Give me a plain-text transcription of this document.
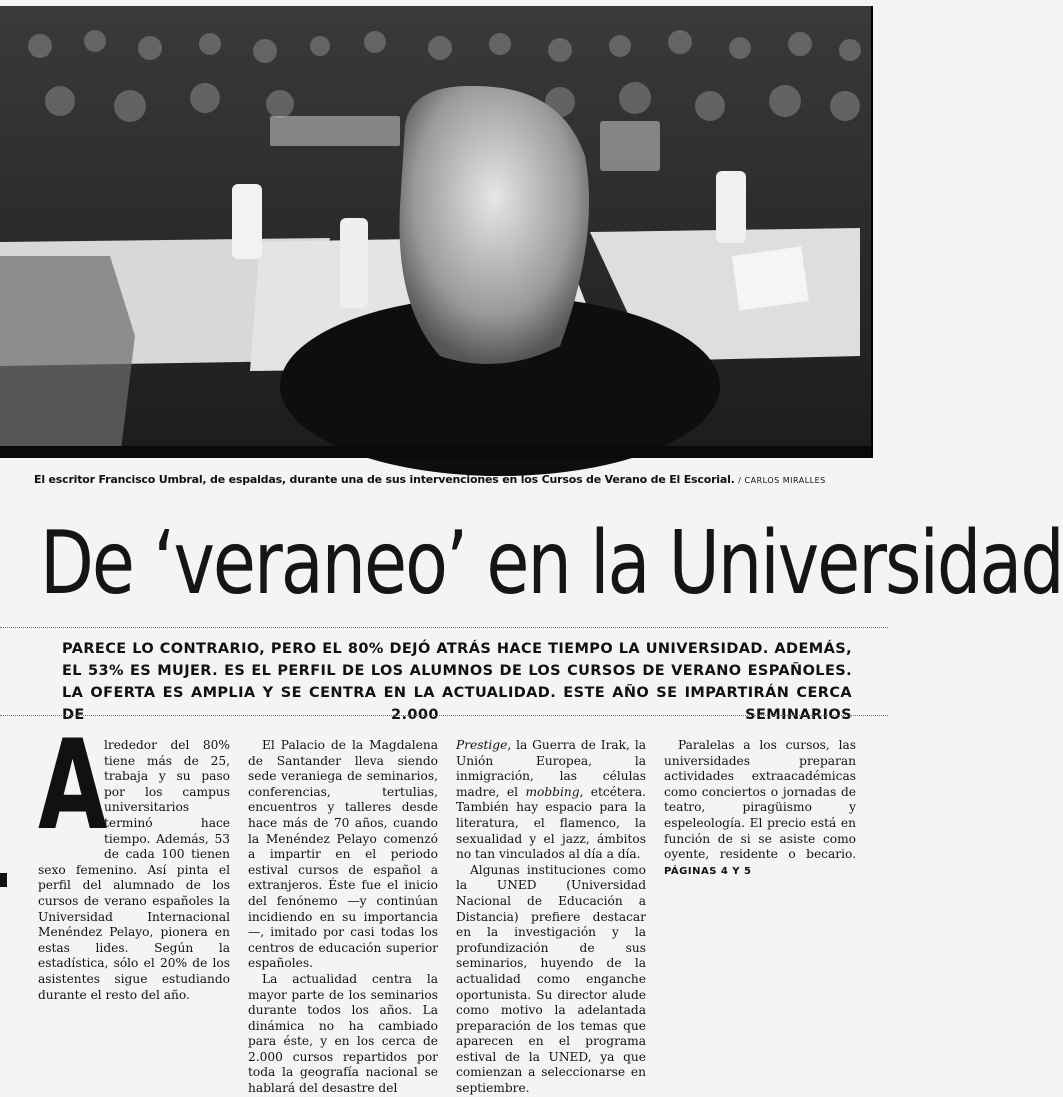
El escritor Francisco Umbral, de espaldas, durante una de sus intervenciones en los Cursos de Verano de El Escorial. / CARLOS MIRALLES
De ‘veraneo’ en la Universidad
PARECE LO CONTRARIO, PERO EL 80% DEJÓ ATRÁS HACE TIEMPO LA UNIVERSIDAD. ADEMÁS, EL 53% ES MUJER. ES EL PERFIL DE LOS ALUMNOS DE LOS CURSOS DE VERANO ESPAÑOLES. LA OFERTA ES AMPLIA Y SE CENTRA EN LA ACTUALIDAD. ESTE AÑO SE IMPARTIRÁN CERCA DE 2.000 SEMINARIOS
A

lrededor del 80% tiene más de 25, trabaja y su paso por los campus universitarios terminó hace tiempo. Además, 53 de cada 100 tienen sexo femenino. Así pinta el perfil del alumnado de los cursos de verano españoles la Universidad Internacional Menéndez Pelayo, pionera en estas lides. Según la estadística, sólo el 20% de los asistentes sigue estudiando durante el resto del año.

El Palacio de la Magdalena de Santander lleva siendo sede veraniega de seminarios, conferencias, tertulias, encuentros y talleres desde hace más de 70 años, cuando la Menéndez Pelayo comenzó a impartir en el periodo estival cursos de español a extranjeros. Éste fue el inicio del fenónemo —y continúan incidiendo en su importancia—, imitado por casi todas los centros de educación superior españoles.

La actualidad centra la mayor parte de los seminarios durante todos los años. La dinámica no ha cambiado para éste, y en los cerca de 2.000 cursos repartidos por toda la geografía nacional se hablará del desastre del

Prestige, la Guerra de Irak, la Unión Europea, la inmigración, las células madre, el mobbing, etcétera. También hay espacio para la literatura, el flamenco, la sexualidad y el jazz, ámbitos no tan vinculados al día a día.

Algunas instituciones como la UNED (Universidad Nacional de Educación a Distancia) prefiere destacar en la investigación y la profundización de sus seminarios, huyendo de la actualidad como enganche oportunista. Su director alude como motivo la adelantada preparación de los temas que aparecen en el programa estival de la UNED, ya que comienzan a seleccionarse en septiembre.

Paralelas a los cursos, las universidades preparan actividades extraacadémicas como conciertos o jornadas de teatro, piragüismo y espeleología. El precio está en función de si se asiste como oyente, residente o becario. PÁGINAS 4 Y 5
